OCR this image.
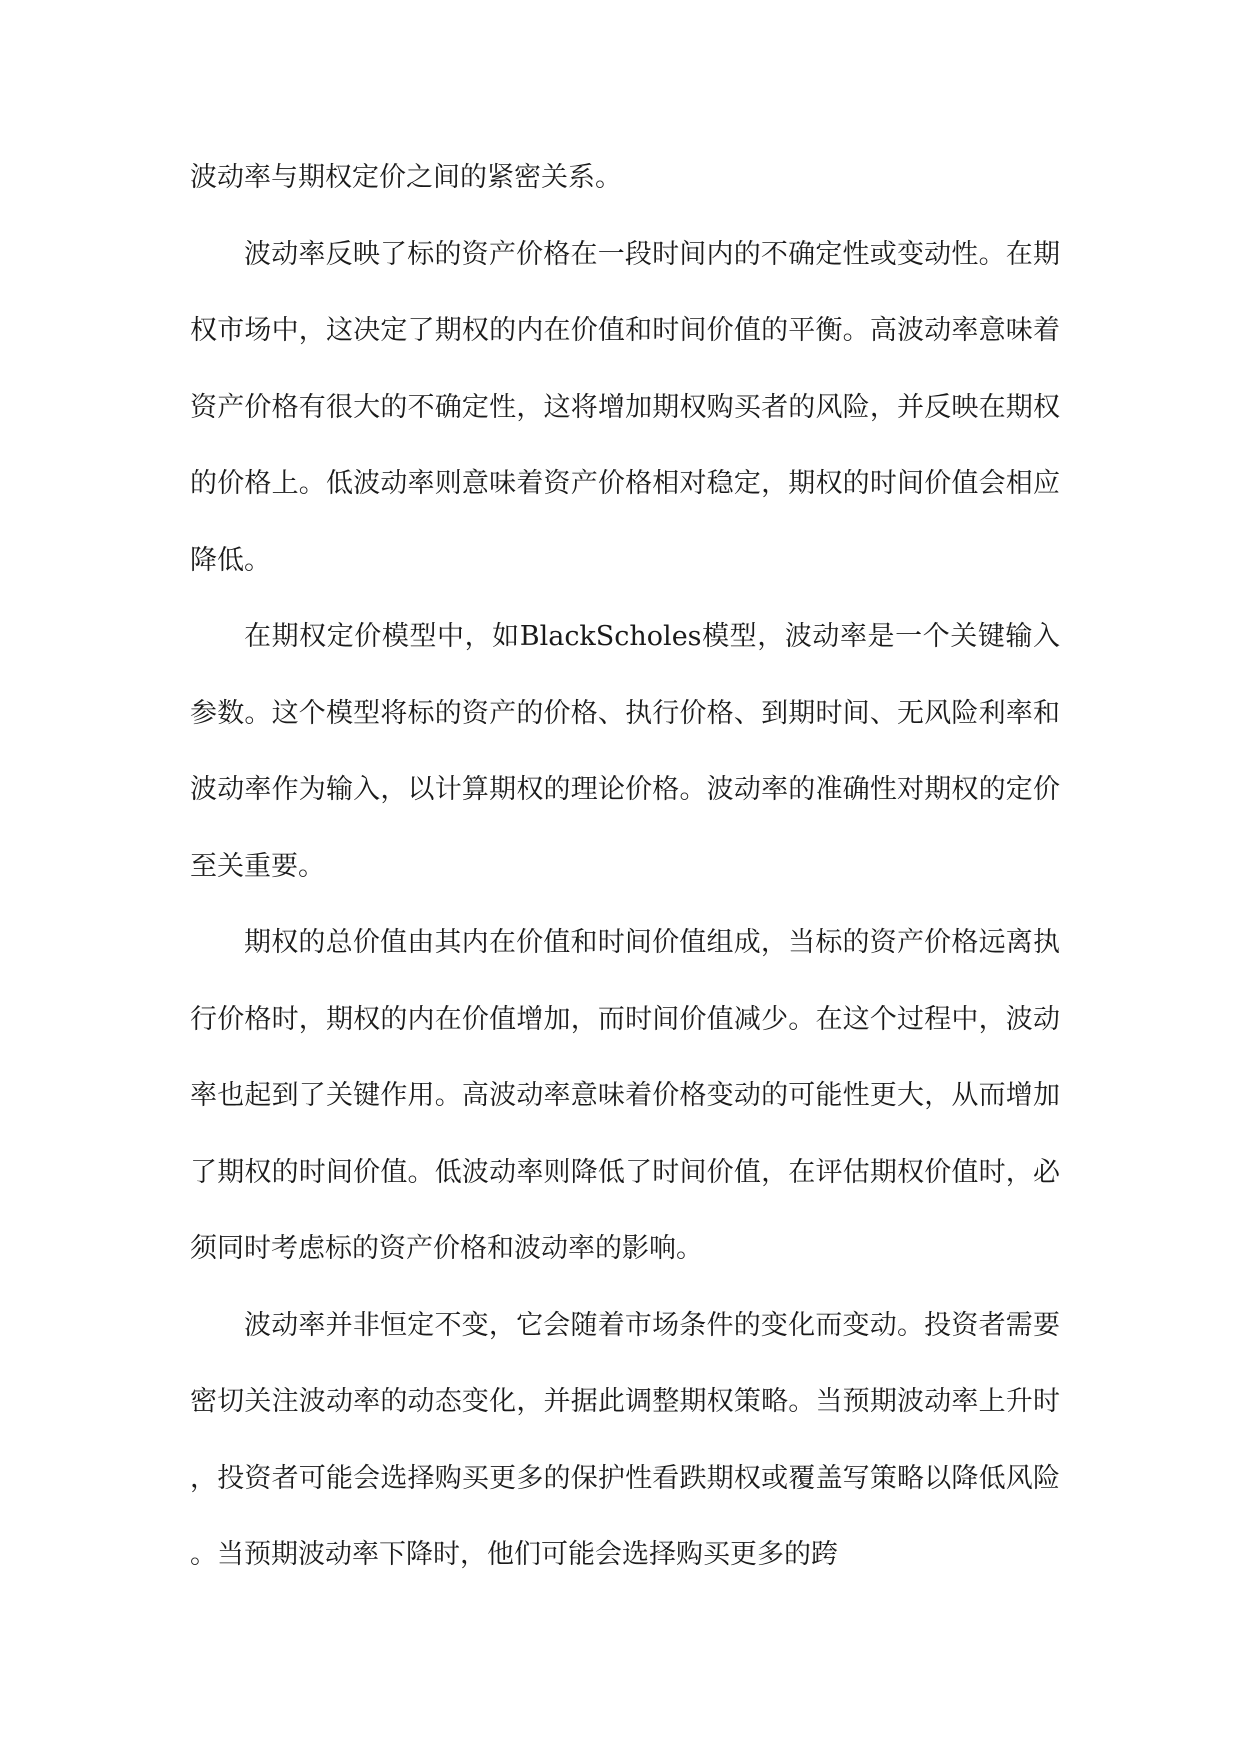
波动率与期权定价之间的紧密关系。

波动率反映了标的资产价格在一段时间内的不确定性或变动性。在期权市场中，这决定了期权的内在价值和时间价值的平衡。高波动率意味着资产价格有很大的不确定性，这将增加期权购买者的风险，并反映在期权的价格上。低波动率则意味着资产价格相对稳定，期权的时间价值会相应降低。

在期权定价模型中，如BlackScholes模型，波动率是一个关键输入参数。这个模型将标的资产的价格、执行价格、到期时间、无风险利率和波动率作为输入，以计算期权的理论价格。波动率的准确性对期权的定价至关重要。

期权的总价值由其内在价值和时间价值组成，当标的资产价格远离执行价格时，期权的内在价值增加，而时间价值减少。在这个过程中，波动率也起到了关键作用。高波动率意味着价格变动的可能性更大，从而增加了期权的时间价值。低波动率则降低了时间价值，在评估期权价值时，必须同时考虑标的资产价格和波动率的影响。

波动率并非恒定不变，它会随着市场条件的变化而变动。投资者需要密切关注波动率的动态变化，并据此调整期权策略。当预期波动率上升时，投资者可能会选择购买更多的保护性看跌期权或覆盖写策略以降低风险。当预期波动率下降时，他们可能会选择购买更多的跨
